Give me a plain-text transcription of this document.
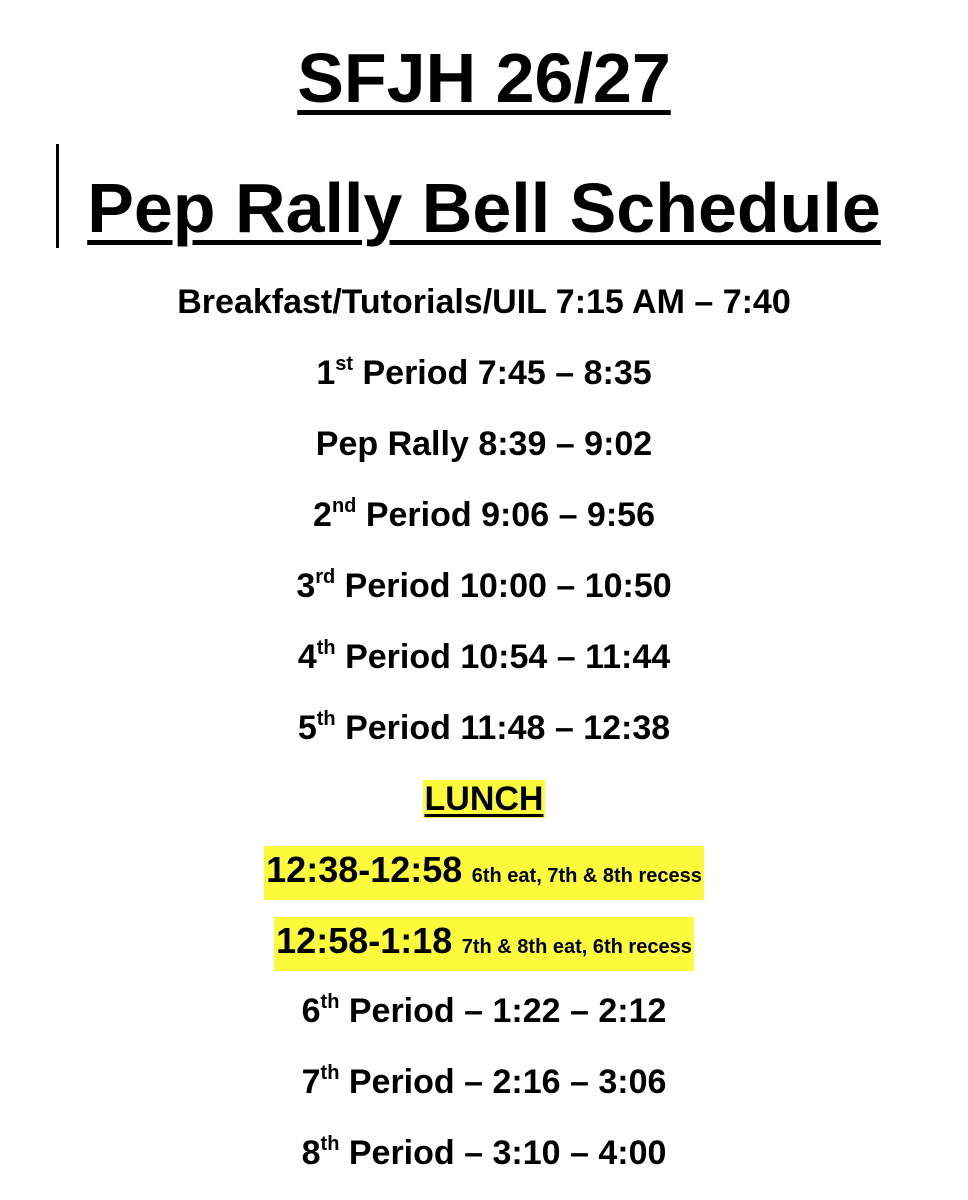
SFJH 26/27
Pep Rally Bell Schedule
Breakfast/Tutorials/UIL 7:15 AM – 7:40
1st Period 7:45 – 8:35
Pep Rally 8:39 – 9:02
2nd Period 9:06 – 9:56
3rd Period 10:00 – 10:50
4th Period 10:54 – 11:44
5th Period 11:48 – 12:38
LUNCH
12:38-12:58 6th eat, 7th & 8th recess
12:58-1:18 7th & 8th eat, 6th recess
6th Period – 1:22 – 2:12
7th Period – 2:16 – 3:06
8th Period – 3:10 – 4:00
